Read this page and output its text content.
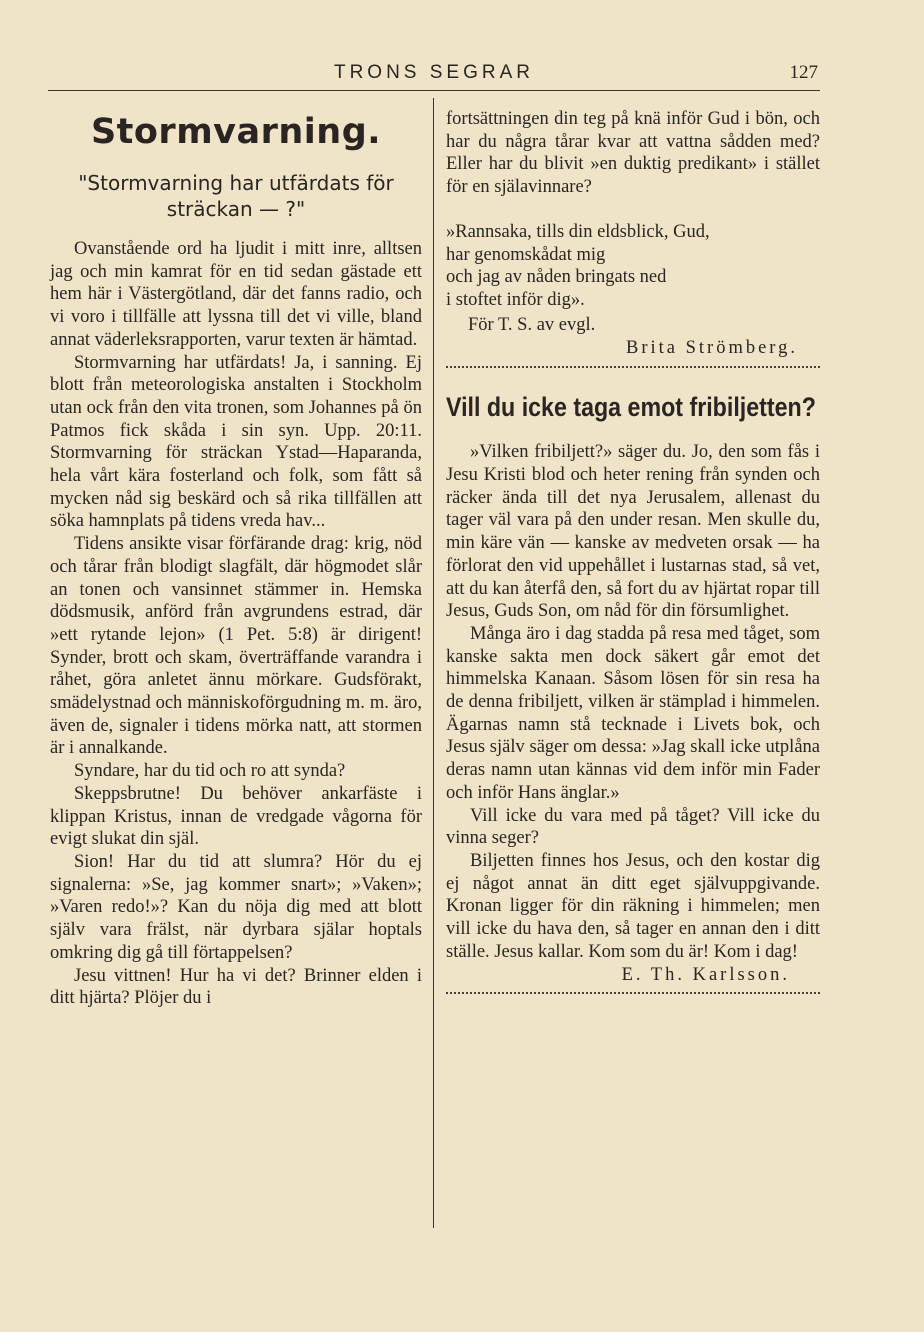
TRONS SEGRAR	127
Stormvarning.
"Stormvarning har utfärdats för
sträckan — ?"

Ovanstående ord ha ljudit i mitt inre, alltsen jag och min kamrat för en tid sedan gästade ett hem här i Västergötland, där det fanns radio, och vi voro i tillfälle att lyssna till det vi ville, bland annat väderleksrapporten, varur texten är hämtad.

Stormvarning har utfärdats! Ja, i sanning. Ej blott från meteorologiska anstalten i Stockholm utan ock från den vita tronen, som Johannes på ön Patmos fick skåda i sin syn. Upp. 20:11. Stormvarning för sträckan Ystad—Haparanda, hela vårt kära fosterland och folk, som fått så mycken nåd sig beskärd och så rika tillfällen att söka hamnplats på tidens vreda hav...

Tidens ansikte visar förfärande drag: krig, nöd och tårar från blodigt slagfält, där högmodet slår an tonen och vansinnet stämmer in. Hemska dödsmusik, anförd från avgrundens estrad, där »ett rytande lejon» (1 Pet. 5:8) är dirigent! Synder, brott och skam, överträffande varandra i råhet, göra anletet ännu mörkare. Gudsförakt, smädelystnad och människoförgudning m. m. äro, även de, signaler i tidens mörka natt, att stormen är i annalkande.

Syndare, har du tid och ro att synda?

Skeppsbrutne! Du behöver ankarfäste i klippan Kristus, innan de vredgade vågorna för evigt slukat din själ.

Sion! Har du tid att slumra? Hör du ej signalerna: »Se, jag kommer snart»; »Vaken»; »Varen redo!»? Kan du nöja dig med att blott själv vara frälst, när dyrbara själar hoptals omkring dig gå till förtappelsen?

Jesu vittnen! Hur ha vi det? Brinner elden i ditt hjärta? Plöjer du i

fortsättningen din teg på knä inför Gud i bön, och har du några tårar kvar att vattna sådden med? Eller har du blivit »en duktig predikant» i stället för en själavinnare?

»Rannsaka, tills din eldsblick, Gud,
har genomskådat mig
och jag av nåden bringats ned
i stoftet inför dig».
För T. S. av evgl.
Brita Strömberg.
Vill du icke taga emot fribiljetten?

»Vilken fribiljett?» säger du. Jo, den som fås i Jesu Kristi blod och heter rening från synden och räcker ända till det nya Jerusalem, allenast du tager väl vara på den under resan. Men skulle du, min käre vän — kanske av medveten orsak — ha förlorat den vid uppehållet i lustarnas stad, så vet, att du kan återfå den, så fort du av hjärtat ropar till Jesus, Guds Son, om nåd för din försumlighet.

Många äro i dag stadda på resa med tåget, som kanske sakta men dock säkert går emot det himmelska Kanaan. Såsom lösen för sin resa ha de denna fribiljett, vilken är stämplad i himmelen. Ägarnas namn stå tecknade i Livets bok, och Jesus själv säger om dessa: »Jag skall icke utplåna deras namn utan kännas vid dem inför min Fader och inför Hans änglar.»

Vill icke du vara med på tåget? Vill icke du vinna seger?

Biljetten finnes hos Jesus, och den kostar dig ej något annat än ditt eget självuppgivande. Kronan ligger för din räkning i himmelen; men vill icke du hava den, så tager en annan den i ditt ställe. Jesus kallar. Kom som du är! Kom i dag!

E. Th. Karlsson.
